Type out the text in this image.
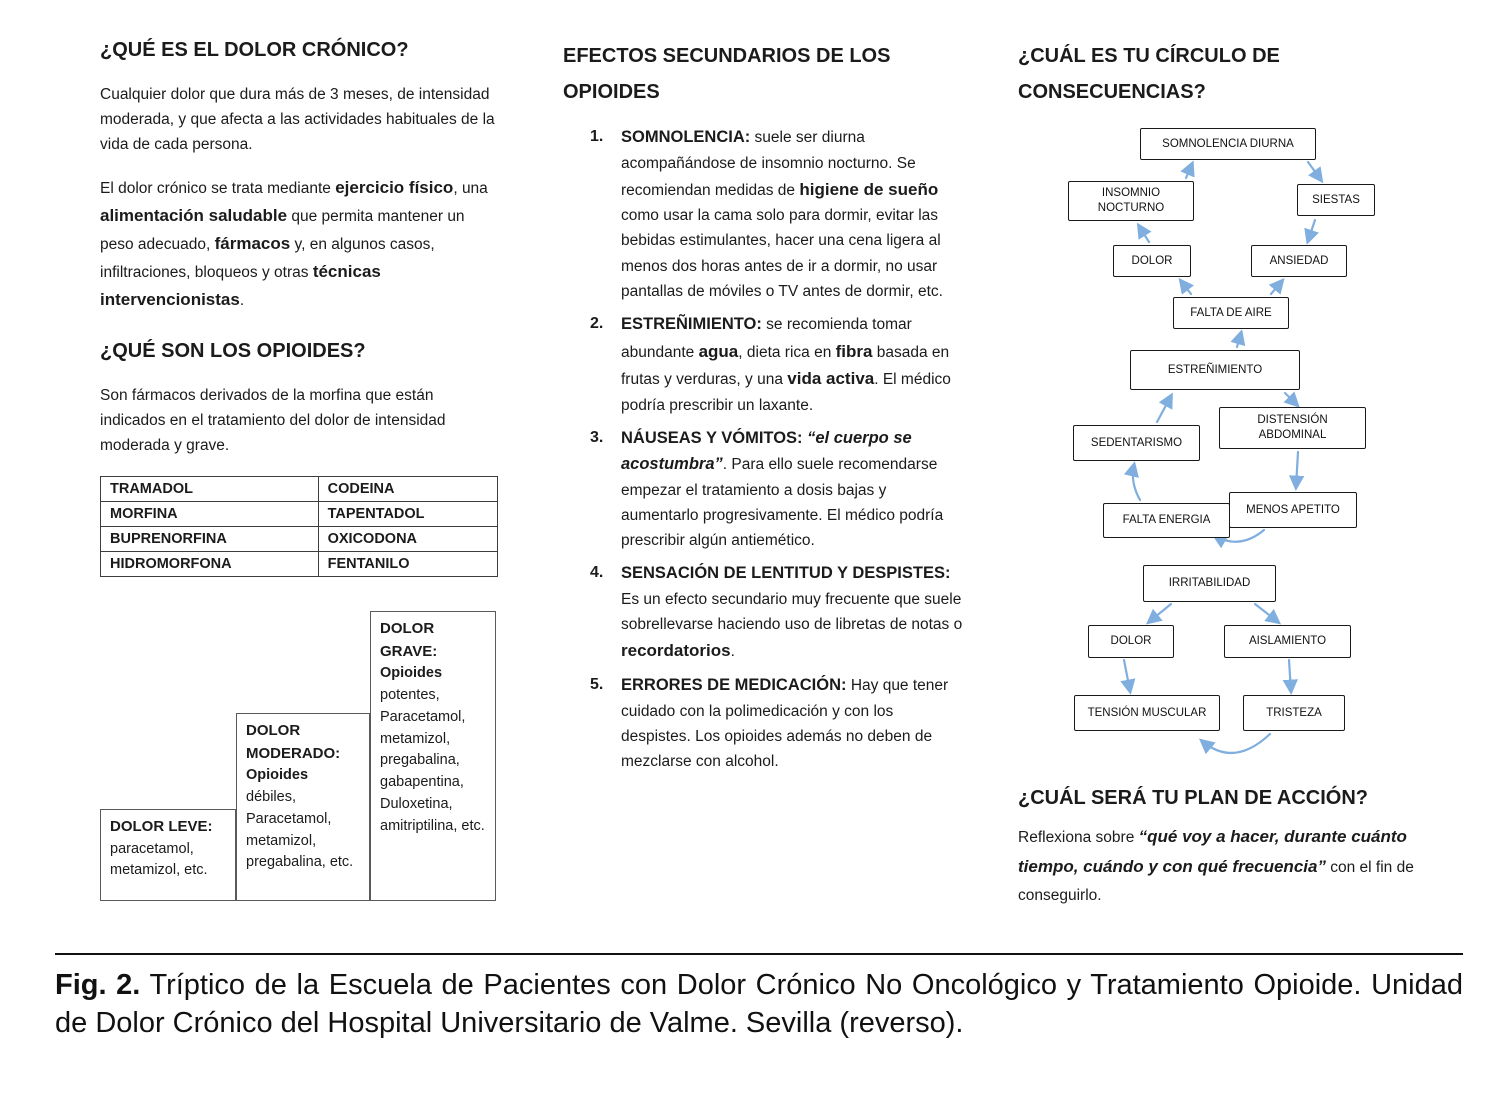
¿QUÉ ES EL DOLOR CRÓNICO?

Cualquier dolor que dura más de 3 meses, de intensidad moderada, y que afecta a las actividades habituales de la vida de cada persona.

El dolor crónico se trata mediante ejercicio físico, una alimentación saludable que permita mantener un peso adecuado, fármacos y, en algunos casos, infiltraciones, bloqueos y otras técnicas intervencionistas.

¿QUÉ SON LOS OPIOIDES?

Son fármacos derivados de la morfina que están indicados en el tratamiento del dolor de intensidad moderada y grave.

TRAMADOL	CODEINA
MORFINA	TAPENTADOL
BUPRENORFINA	OXICODONA
HIDROMORFONA	FENTANILO
DOLOR LEVE:
paracetamol, metamizol, etc.
DOLOR MODERADO:
Opioides débiles,
Paracetamol, metamizol, pregabalina, etc.
DOLOR GRAVE:
Opioides potentes,
Paracetamol, metamizol, pregabalina, gabapentina, Duloxetina, amitriptilina, etc.
EFECTOS SECUNDARIOS DE LOS OPIOIDES
1.	SOMNOLENCIA: suele ser diurna acompañándose de insomnio nocturno. Se recomiendan medidas de higiene de sueño como usar la cama solo para dormir, evitar las bebidas estimulantes, hacer una cena ligera al menos dos horas antes de ir a dormir, no usar pantallas de móviles o TV antes de dormir, etc.
2.	ESTREÑIMIENTO: se recomienda tomar abundante agua, dieta rica en fibra basada en frutas y verduras, y una vida activa. El médico podría prescribir un laxante.
3.	NÁUSEAS Y VÓMITOS: “el cuerpo se acostumbra”. Para ello suele recomendarse empezar el tratamiento a dosis bajas y aumentarlo progresivamente. El médico podría prescribir algún antiemético.
4.	SENSACIÓN DE LENTITUD Y DESPISTES: Es un efecto secundario muy frecuente que suele sobrellevarse haciendo uso de libretas de notas o recordatorios.
5.	ERRORES DE MEDICACIÓN: Hay que tener cuidado con la polimedicación y con los despistes. Los opioides además no deben de mezclarse con alcohol.
¿CUÁL ES TU CÍRCULO DE CONSECUENCIAS?
SOMNOLENCIA DIURNA
INSOMNIO NOCTURNO
SIESTAS
DOLOR	ANSIEDAD
FALTA DE AIRE
ESTREÑIMIENTO
SEDENTARISMO
DISTENSIÓN ABDOMINAL
FALTA ENERGIA
MENOS APETITO
IRRITABILIDAD
DOLOR	AISLAMIENTO
TENSIÓN MUSCULAR	TRISTEZA
¿CUÁL SERÁ TU PLAN DE ACCIÓN?

Reflexiona sobre “qué voy a hacer, durante cuánto tiempo, cuándo y con qué frecuencia” con el fin de conseguirlo.

Fig. 2. Tríptico de la Escuela de Pacientes con Dolor Crónico No Oncológico y Tratamiento Opioide. Unidad de Dolor Crónico del Hospital Universitario de Valme. Sevilla (reverso).
